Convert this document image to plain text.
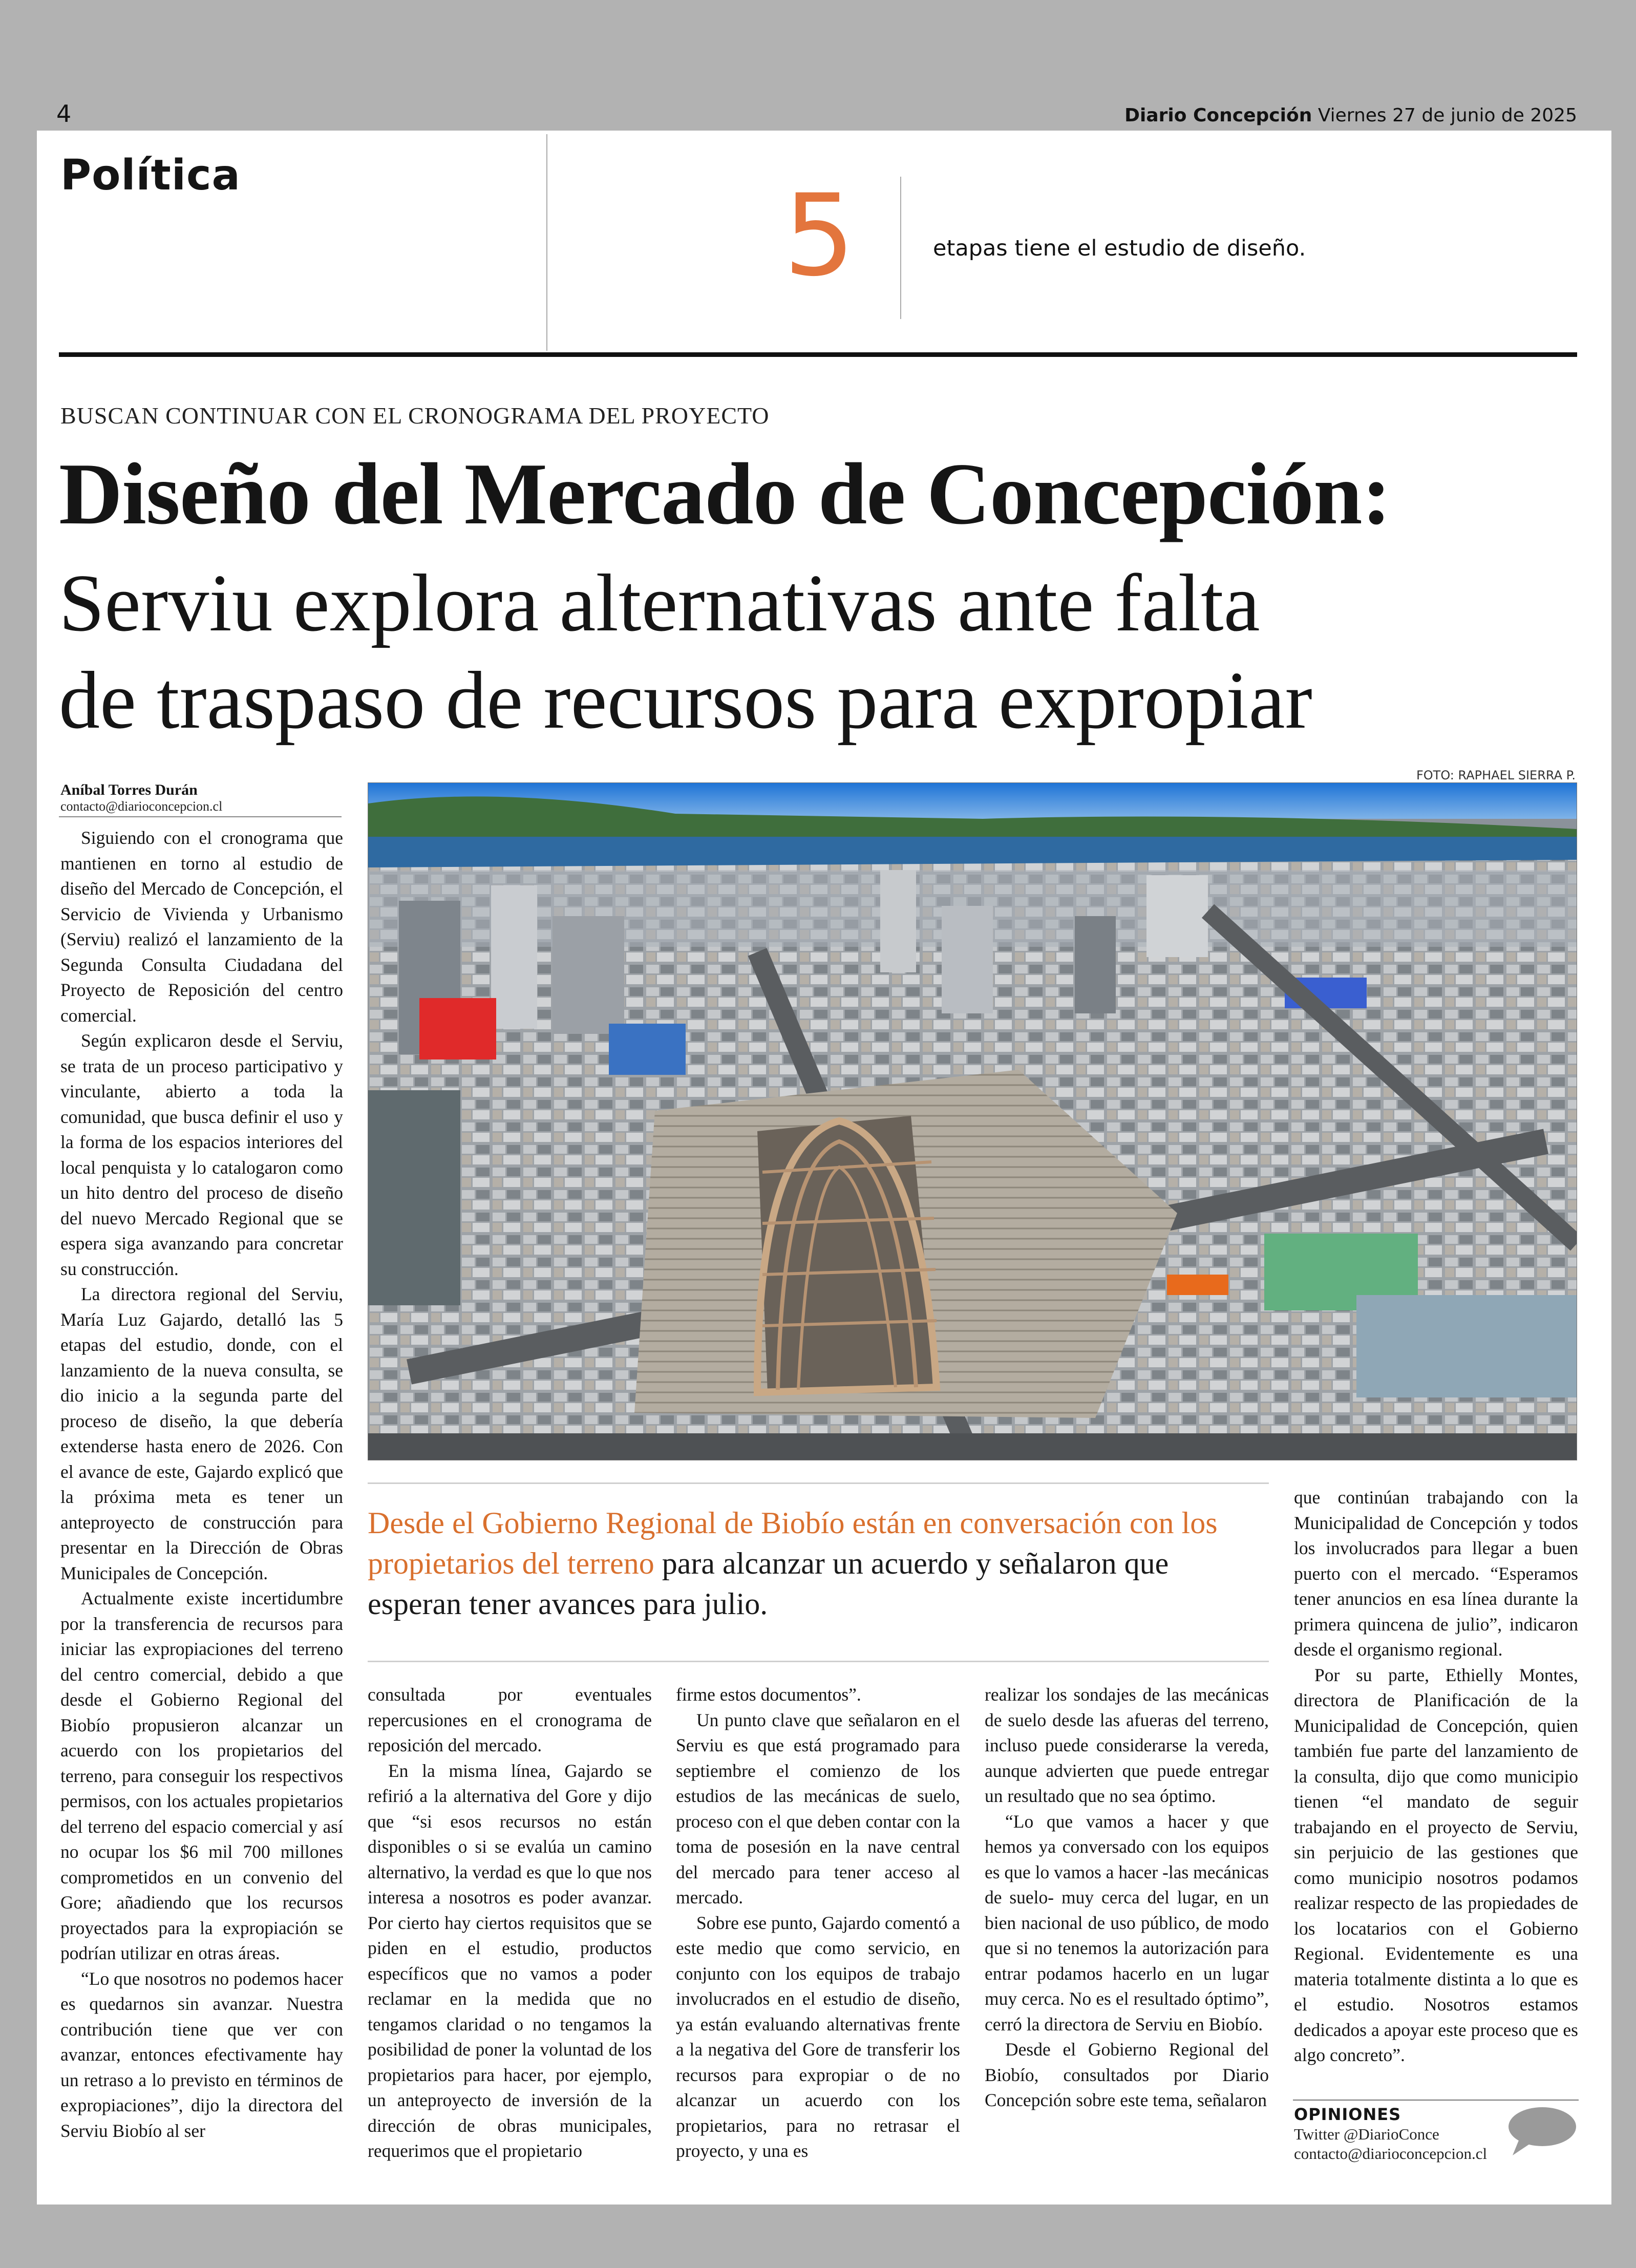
4	Diario Concepción Viernes 27 de junio de 2025
Política	5	etapas tiene el estudio de diseño.
BUSCAN CONTINUAR CON EL CRONOGRAMA DEL PROYECTO
Diseño del Mercado de Concepción:
Serviu explora alternativas ante falta
de traspaso de recursos para expropiar
Aníbal Torres Durán
contacto@diarioconcepcion.cl
FOTO: RAPHAEL SIERRA P.

Siguiendo con el cronograma que mantienen en torno al estudio de diseño del Mercado de Concepción, el Servicio de Vivienda y Urbanismo (Serviu) realizó el lanzamiento de la Segunda Consulta Ciudadana del Proyecto de Reposición del centro comercial.

Según explicaron desde el Serviu, se trata de un proceso participativo y vinculante, abierto a toda la comunidad, que busca definir el uso y la forma de los espacios interiores del local penquista y lo catalogaron como un hito dentro del proceso de diseño del nuevo Mercado Regional que se espera siga avanzando para concretar su construcción.

La directora regional del Serviu, María Luz Gajardo, detalló las 5 etapas del estudio, donde, con el lanzamiento de la nueva consulta, se dio inicio a la segunda parte del proceso de diseño, la que debería extenderse hasta enero de 2026. Con el avance de este, Gajardo explicó que la próxima meta es tener un anteproyecto de construcción para presentar en la Dirección de Obras Municipales de Concepción.

Actualmente existe incertidumbre por la transferencia de recursos para iniciar las expropiaciones del terreno del centro comercial, debido a que desde el Gobierno Regional del Biobío propusieron alcanzar un acuerdo con los propietarios del terreno, para conseguir los respectivos permisos, con los actuales propietarios del terreno del espacio comercial y así no ocupar los $6 mil 700 millones comprometidos en un convenio del Gore; añadiendo que los recursos proyectados para la expropiación se podrían utilizar en otras áreas.

“Lo que nosotros no podemos hacer es quedarnos sin avanzar. Nuestra contribución tiene que ver con avanzar, entonces efectivamente hay un retraso a lo previsto en términos de expropiaciones”, dijo la directora del Serviu Biobío al ser

Desde el Gobierno Regional de Biobío están en conversación con los propietarios del terreno para alcanzar un acuerdo y señalaron que esperan tener avances para julio.

consultada por eventuales repercusiones en el cronograma de reposición del mercado.

En la misma línea, Gajardo se refirió a la alternativa del Gore y dijo que “si esos recursos no están disponibles o si se evalúa un camino alternativo, la verdad es que lo que nos interesa a nosotros es poder avanzar. Por cierto hay ciertos requisitos que se piden en el estudio, productos específicos que no vamos a poder reclamar en la medida que no tengamos claridad o no tengamos la posibilidad de poner la voluntad de los propietarios para hacer, por ejemplo, un anteproyecto de inversión de la dirección de obras municipales, requerimos que el propietario

firme estos documentos”.

Un punto clave que señalaron en el Serviu es que está programado para septiembre el comienzo de los estudios de las mecánicas de suelo, proceso con el que deben contar con la toma de posesión en la nave central del mercado para tener acceso al mercado.

Sobre ese punto, Gajardo comentó a este medio que como servicio, en conjunto con los equipos de trabajo involucrados en el estudio de diseño, ya están evaluando alternativas frente a la negativa del Gore de transferir los recursos para expropiar o de no alcanzar un acuerdo con los propietarios, para no retrasar el proyecto, y una es

realizar los sondajes de las mecánicas de suelo desde las afueras del terreno, incluso puede considerarse la vereda, aunque advierten que puede entregar un resultado que no sea óptimo.

“Lo que vamos a hacer y que hemos ya conversado con los equipos es que lo vamos a hacer -las mecánicas de suelo- muy cerca del lugar, en un bien nacional de uso público, de modo que si no tenemos la autorización para entrar podamos hacerlo en un lugar muy cerca. No es el resultado óptimo”, cerró la directora de Serviu en Biobío.

Desde el Gobierno Regional del Biobío, consultados por Diario Concepción sobre este tema, señalaron

que continúan trabajando con la Municipalidad de Concepción y todos los involucrados para llegar a buen puerto con el mercado. “Esperamos tener anuncios en esa línea durante la primera quincena de julio”, indicaron desde el organismo regional.

Por su parte, Ethielly Montes, directora de Planificación de la Municipalidad de Concepción, quien también fue parte del lanzamiento de la consulta, dijo que como municipio tienen “el mandato de seguir trabajando en el proyecto de Serviu, sin perjuicio de las gestiones que como municipio nosotros podamos realizar respecto de las propiedades de los locatarios con el Gobierno Regional. Evidentemente es una materia totalmente distinta a lo que es el estudio. Nosotros estamos dedicados a apoyar este proceso que es algo concreto”.

OPINIONES
Twitter @DiarioConce
contacto@diarioconcepcion.cl
